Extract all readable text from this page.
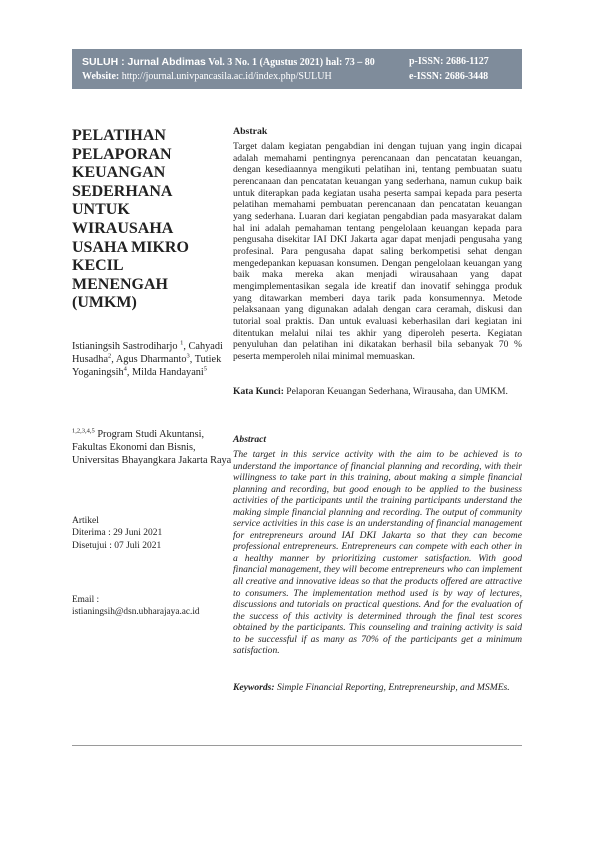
SULUH : Jurnal Abdimas Vol. 3 No. 1 (Agustus 2021) hal: 73 – 80	p-ISSN: 2686-1127
Website: http://journal.univpancasila.ac.id/index.php/SULUH	e-ISSN: 2686-3448
PELATIHAN PELAPORAN KEUANGAN SEDERHANA UNTUK WIRAUSAHA USAHA MIKRO KECIL MENENGAH (UMKM)
Istianingsih Sastrodiharjo $^1$, Cahyadi Husadha$^2$, Agus Dharmanto$^3$, Tutiek Yoganingsih$^4$, Milda Handayani$^5$
$^{1,2,3,4,5}$ Program Studi Akuntansi, Fakultas Ekonomi dan Bisnis, Universitas Bhayangkara Jakarta Raya
Artikel
Diterima : 29 Juni 2021
Disetujui : 07 Juli 2021
Email :
istianingsih@dsn.ubharajaya.ac.id
Abstrak
Target dalam kegiatan pengabdian ini dengan tujuan yang ingin dicapai adalah memahami pentingnya perencanaan dan pencatatan keuangan, dengan kesediaannya mengikuti pelatihan ini, tentang pembuatan suatu perencanaan dan pencatatan keuangan yang sederhana, namun cukup baik untuk diterapkan pada kegiatan usaha peserta sampai kepada para peserta pelatihan memahami pembuatan perencanaan dan pencatatan keuangan yang sederhana. Luaran dari kegiatan pengabdian pada masyarakat dalam hal ini adalah pemahaman tentang pengelolaan keuangan kepada para pengusaha disekitar IAI DKI Jakarta agar dapat menjadi pengusaha yang profesinal. Para pengusaha dapat saling berkompetisi sehat dengan mengedepankan kepuasan konsumen. Dengan pengelolaan keuangan yang baik maka mereka akan menjadi wirausahaan yang dapat mengimplementasikan segala ide kreatif dan inovatif sehingga produk yang ditawarkan memberi daya tarik pada konsumennya. Metode pelaksanaan yang digunakan adalah dengan cara ceramah, diskusi dan tutorial soal praktis. Dan untuk evaluasi keberhasilan dari kegiatan ini ditentukan melalui nilai tes akhir yang diperoleh peserta. Kegiatan penyuluhan dan pelatihan ini dikatakan berhasil bila sebanyak 70 % peserta memperoleh nilai minimal memuaskan.
Kata Kunci: Pelaporan Keuangan Sederhana, Wirausaha, dan UMKM.
Abstract
The target in this service activity with the aim to be achieved is to understand the importance of financial planning and recording, with their willingness to take part in this training, about making a simple financial planning and recording, but good enough to be applied to the business activities of the participants until the training participants understand the making simple financial planning and recording. The output of community service activities in this case is an understanding of financial management for entrepreneurs around IAI DKI Jakarta so that they can become professional entrepreneurs. Entrepreneurs can compete with each other in a healthy manner by prioritizing customer satisfaction. With good financial management, they will become entrepreneurs who can implement all creative and innovative ideas so that the products offered are attractive to consumers. The implementation method used is by way of lectures, discussions and tutorials on practical questions. And for the evaluation of the success of this activity is determined through the final test scores obtained by the participants. This counseling and training activity is said to be successful if as many as 70% of the participants get a minimum satisfaction.
Keywords: Simple Financial Reporting, Entrepreneurship, and MSMEs.
